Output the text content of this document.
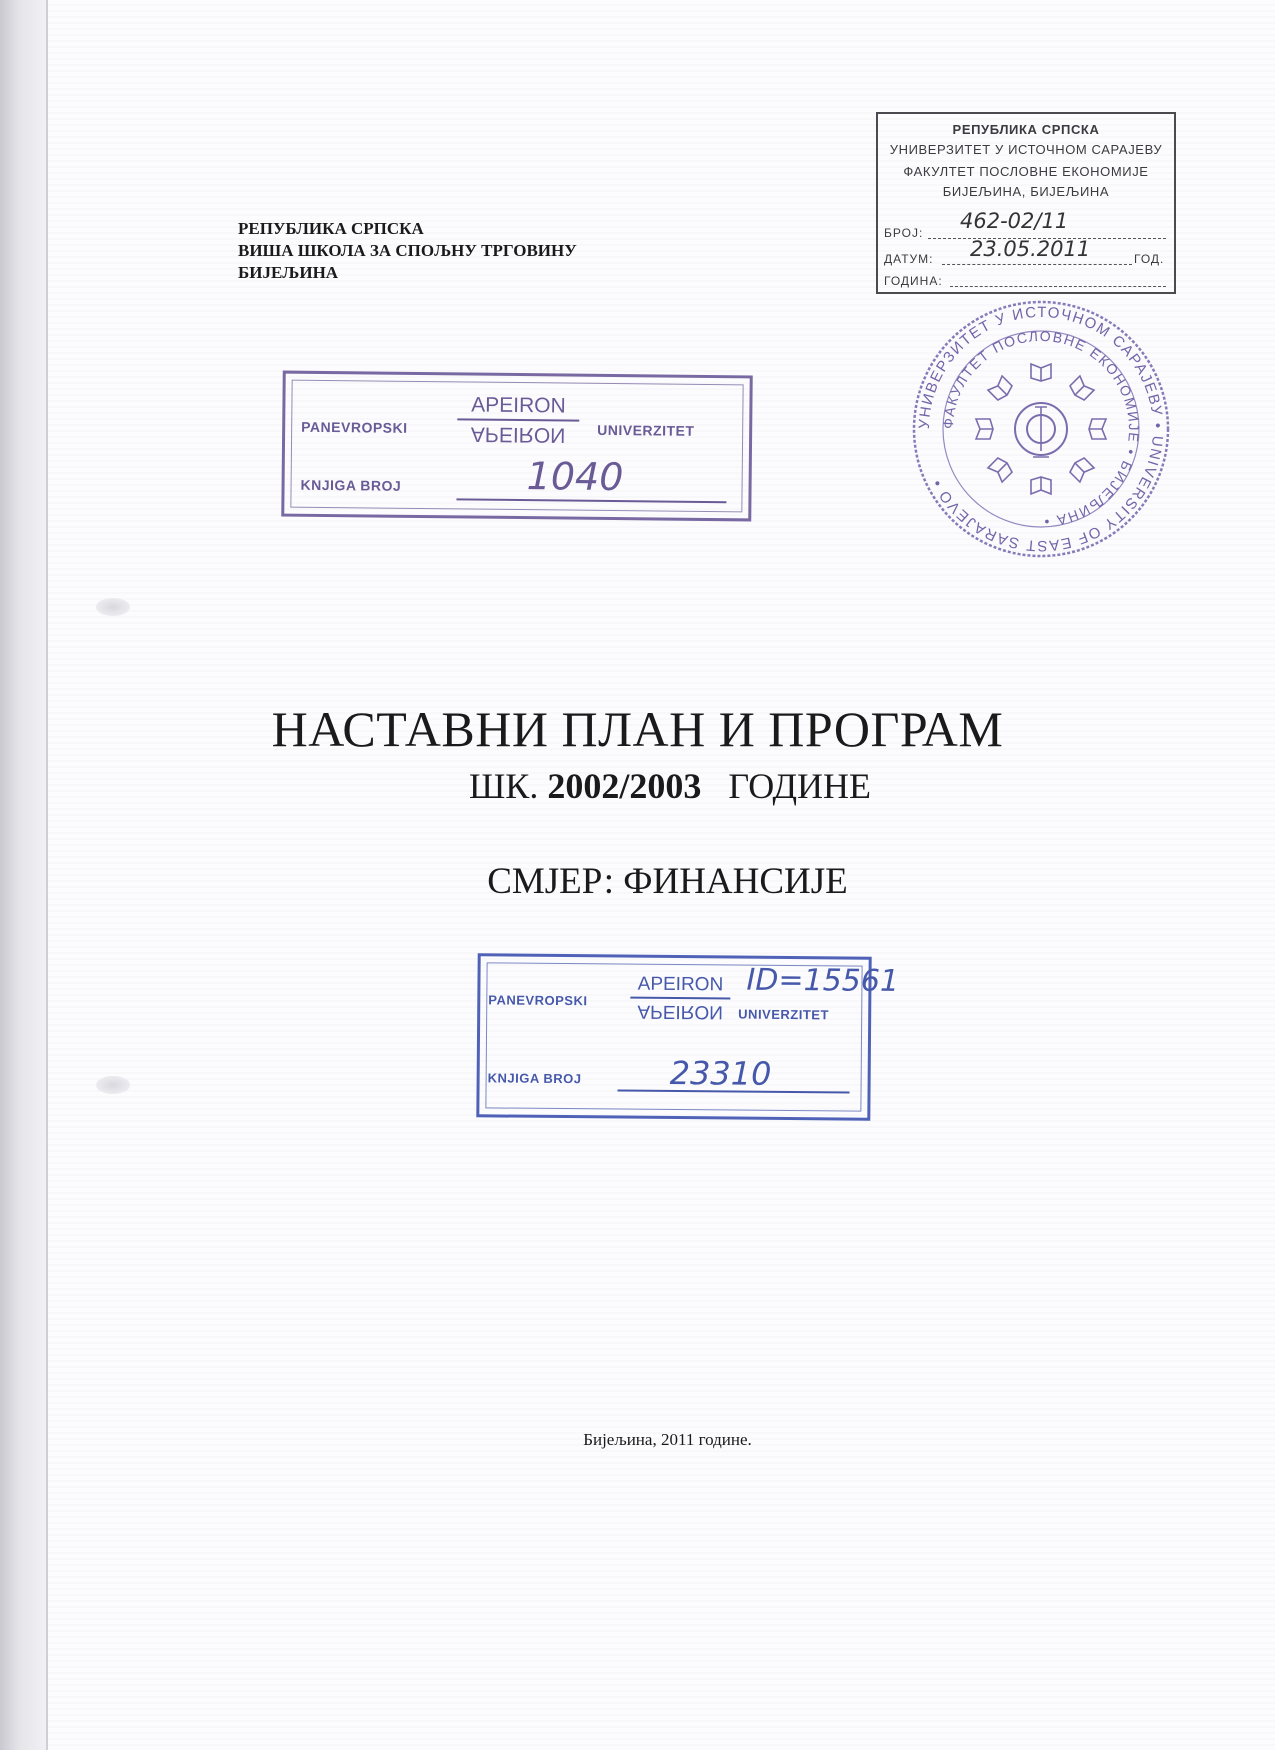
РЕПУБЛИКА СРПСКА
ВИША ШКОЛА ЗА СПОЉНУ ТРГОВИНУ
БИЈЕЉИНА
PANEVROPSKI
APEIRON
APEIRON	UNIVERZITET
KNJIGA BROJ	1040
РЕПУБЛИКА СРПСКА
УНИВЕРЗИТЕТ У ИСТОЧНОМ САРАЈЕВУ
ФАКУЛТЕТ ПОСЛОВНЕ ЕКОНОМИЈЕ
БИЈЕЉИНА, БИЈЕЉИНА
БРОЈ: 462-02/11
ДАТУМ: 23.05.2011	ГОД.
ГОДИНА:
УНИВЕРЗИТЕТ У ИСТОЧНОМ САРАЈЕВУ • UNIVERSITY OF EAST SARAJEVO •
ФАКУЛТЕТ ПОСЛОВНЕ ЕКОНОМИЈЕ • БИЈЕЉИНА •
НАСТАВНИ ПЛАН И ПРОГРАМ
ШК. 2002/2003 ГОДИНЕ
СМЈЕР: ФИНАНСИЈЕ
PANEVROPSKI
APEIRON
APEIRON	UNIVERZITET
ID=15561
KNJIGA BROJ	23310
Бијељина, 2011 године.
